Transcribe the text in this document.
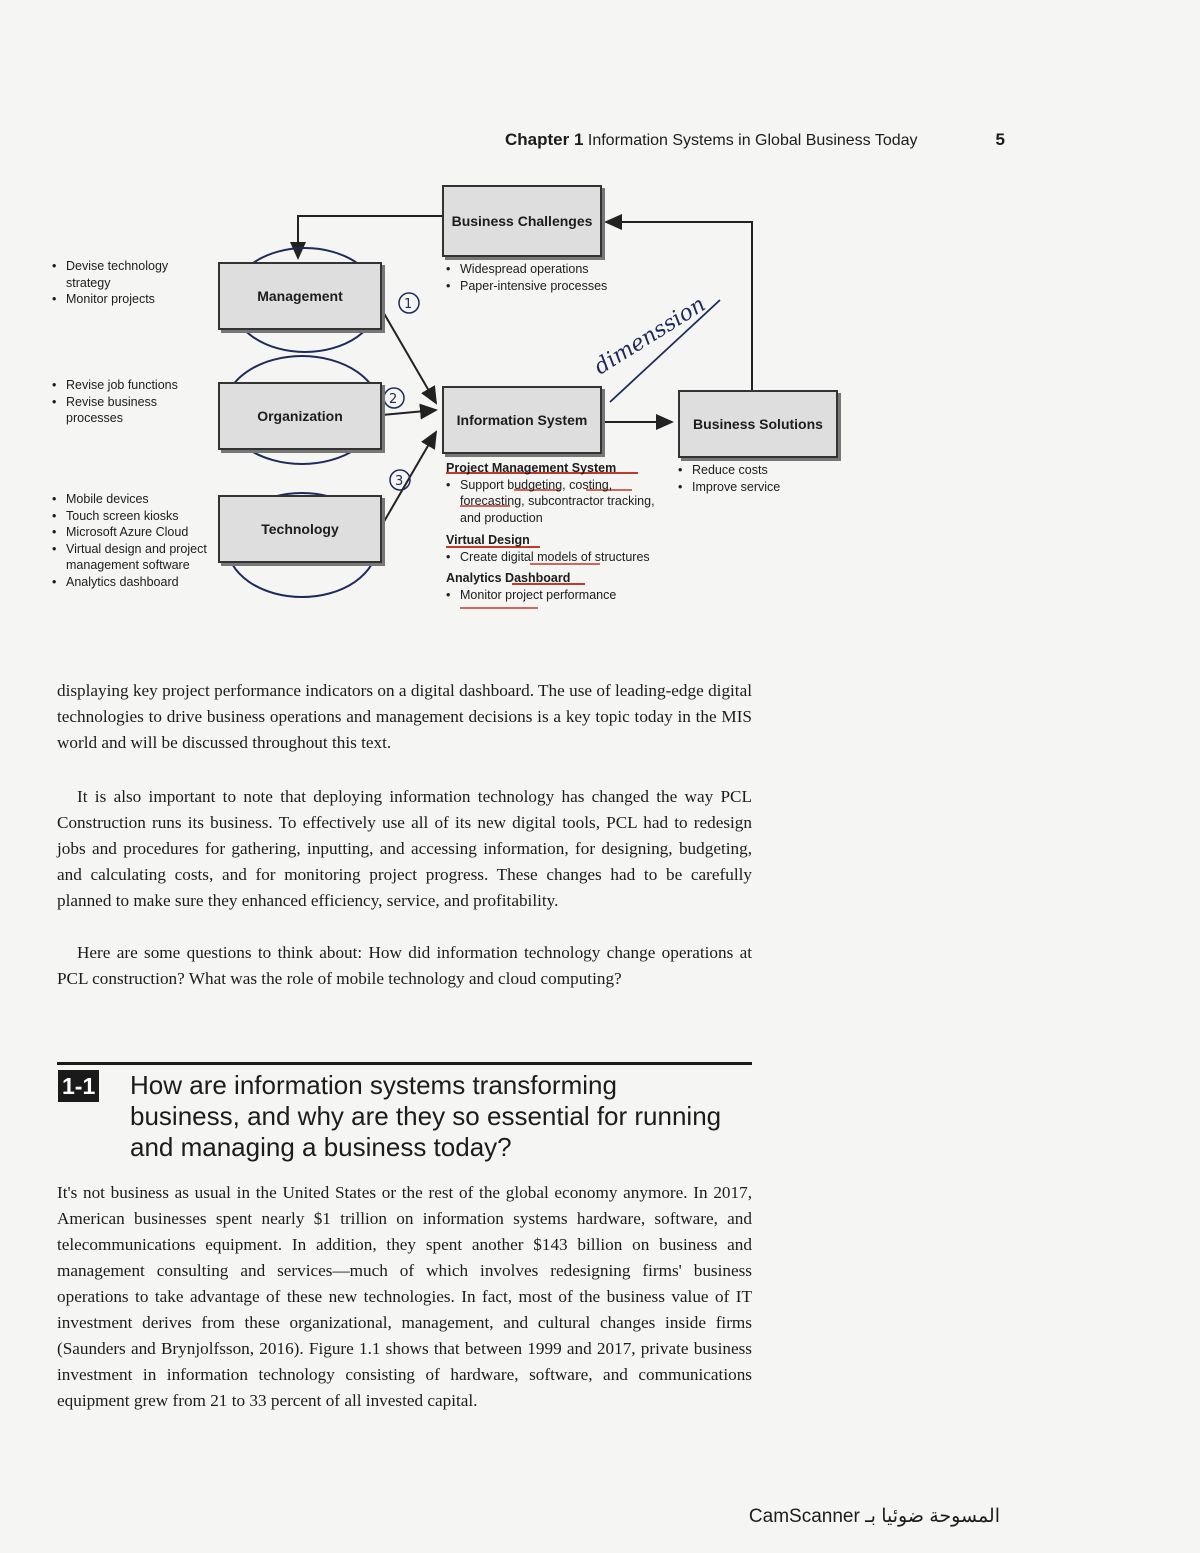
Chapter 1 Information Systems in Global Business Today	5
1
2
3
dimenssion
Business Challenges
Management
Organization
Technology
Information System	Business Solutions
• Devise technology strategy
• Monitor projects
• Revise job functions
• Revise business processes
• Mobile devices
• Touch screen kiosks
• Microsoft Azure Cloud
• Virtual design and project management software
• Analytics dashboard
• Widespread operations
• Paper-intensive processes
• Reduce costs
• Improve service
Project Management System
• Support budgeting, costing, forecasting, subcontractor tracking, and production
Virtual Design
• Create digital models of structures
Analytics Dashboard
• Monitor project performance

displaying key project performance indicators on a digital dashboard. The use of leading-edge digital technologies to drive business operations and management decisions is a key topic today in the MIS world and will be discussed throughout this text.

It is also important to note that deploying information technology has changed the way PCL Construction runs its business. To effectively use all of its new digital tools, PCL had to redesign jobs and procedures for gathering, inputting, and accessing information, for designing, budgeting, and calculating costs, and for monitoring project progress. These changes had to be carefully planned to make sure they enhanced efficiency, service, and profitability.

Here are some questions to think about: How did information technology change operations at PCL construction? What was the role of mobile technology and cloud computing?

1-1 How are information systems transforming business, and why are they so essential for running and managing a business today?

It's not business as usual in the United States or the rest of the global economy anymore. In 2017, American businesses spent nearly $1 trillion on information systems hardware, software, and telecommunications equipment. In addition, they spent another $143 billion on business and management consulting and services—much of which involves redesigning firms' business operations to take advantage of these new technologies. In fact, most of the business value of IT investment derives from these organizational, management, and cultural changes inside firms (Saunders and Brynjolfsson, 2016). Figure 1.1 shows that between 1999 and 2017, private business investment in information technology consisting of hardware, software, and communications equipment grew from 21 to 33 percent of all invested capital.

المسوحة ضوئيا بـ CamScanner
